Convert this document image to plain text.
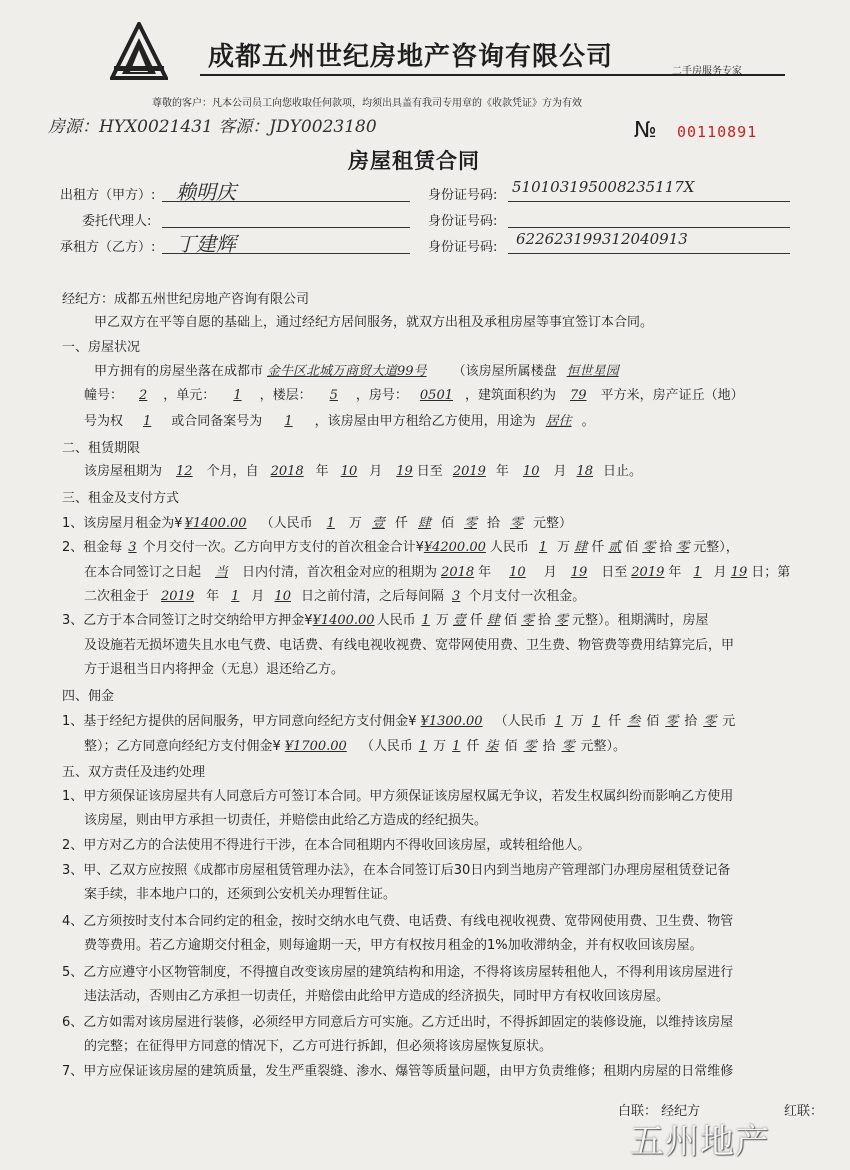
成都五州世纪房地产咨询有限公司	二手房服务专家
尊敬的客户：凡本公司员工向您收取任何款项，均须出具盖有我司专用章的《收款凭证》方为有效
房源：HYX0021431 客源：JDY0023180	№ 00110891
房屋租赁合同
出租方（甲方）: 赖明庆	身份证号码: 510103195008235117X
委托代理人:	身份证号码:
承租方（乙方）: 丁建辉	身份证号码: 622623199312040913
经纪方：成都五州世纪房地产咨询有限公司
甲乙双方在平等自愿的基础上，通过经纪方居间服务，就双方出租及承租房屋等事宜签订本合同。
一、房屋状况
甲方拥有的房屋坐落在成都市 金牛区北城万商贸大道99号 （该房屋所属楼盘 恒世星园
幢号： 2 ，单元： 1 ，楼层： 5 ，房号： 0501 ，建筑面积约为 79 平方米，房产证丘（地）
号为权 1 或合同备案号为 1 ，该房屋由甲方租给乙方使用，用途为 居住 。
二、租赁期限
该房屋租期为 12 个月，自 2018 年 10 月 19 日至 2019 年 10 月 18 日止。
三、租金及支付方式
1、该房屋月租金为¥ ¥1400.00 （人民币 1 万 壹 仟 肆 佰 零 拾 零 元整）
2、租金每 3 个月交付一次。乙方向甲方支付的首次租金合计¥¥4200.00 人民币 1 万 肆 仟 贰 佰 零 拾 零 元整），
在本合同签订之日起 当 日内付清，首次租金对应的租期为 2018 年 10 月 19 日至 2019 年 1 月 19 日；第
二次租金于 2019 年 1 月 10 日之前付清，之后每间隔 3 个月支付一次租金。
3、乙方于本合同签订之时交纳给甲方押金¥¥1400.00 人民币 1 万 壹 仟 肆 佰 零 拾 零 元整）。租期满时，房屋
及设施若无损坏遗失且水电气费、电话费、有线电视收视费、宽带网使用费、卫生费、物管费等费用结算完后，甲
方于退租当日内将押金（无息）退还给乙方。
四、佣金
1、基于经纪方提供的居间服务，甲方同意向经纪方支付佣金¥ ¥1300.00 （人民币 1 万 1 仟 叁 佰 零 拾 零 元
整）；乙方同意向经纪方支付佣金¥ ¥1700.00 （人民币 1 万 1 仟 柒 佰 零 拾 零 元整）。
五、双方责任及违约处理
1、甲方须保证该房屋共有人同意后方可签订本合同。甲方须保证该房屋权属无争议，若发生权属纠纷而影响乙方使用
该房屋，则由甲方承担一切责任，并赔偿由此给乙方造成的经纪损失。
2、甲方对乙方的合法使用不得进行干涉，在本合同租期内不得收回该房屋，或转租给他人。
3、甲、乙双方应按照《成都市房屋租赁管理办法》，在本合同签订后30日内到当地房产管理部门办理房屋租赁登记备
案手续，非本地户口的，还须到公安机关办理暂住证。
4、乙方须按时支付本合同约定的租金，按时交纳水电气费、电话费、有线电视收视费、宽带网使用费、卫生费、物管
费等费用。若乙方逾期交付租金，则每逾期一天，甲方有权按月租金的1%加收滞纳金，并有权收回该房屋。
5、乙方应遵守小区物管制度，不得擅自改变该房屋的建筑结构和用途，不得将该房屋转租他人，不得利用该房屋进行
违法活动，否则由乙方承担一切责任，并赔偿由此给甲方造成的经济损失，同时甲方有权收回该房屋。
6、乙方如需对该房屋进行装修，必须经甲方同意后方可实施。乙方迁出时，不得拆卸固定的装修设施，以维持该房屋
的完整；在征得甲方同意的情况下，乙方可进行拆卸，但必须将该房屋恢复原状。
7、甲方应保证该房屋的建筑质量，发生严重裂缝、渗水、爆管等质量问题，由甲方负责维修；租期内房屋的日常维修
白联： 经纪方	红联：
五州地产
